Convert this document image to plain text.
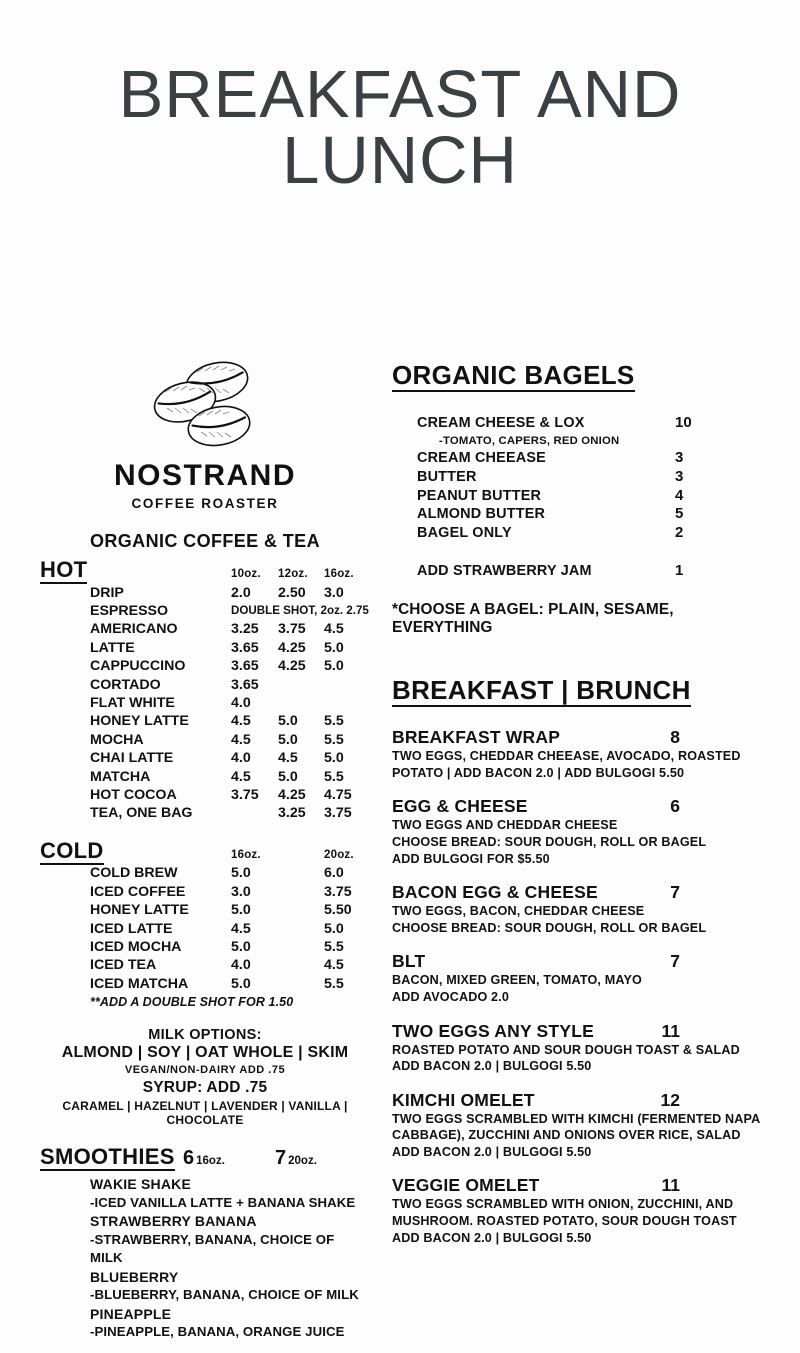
BREAKFAST AND
LUNCH
NOSTRAND
COFFEE ROASTER
ORGANIC COFFEE & TEA
HOT
		10oz.	12oz.	16oz.
DRIP	2.0	2.50	3.0
ESPRESSO	DOUBLE SHOT, 2oz. 2.75		
AMERICANO	3.25	3.75	4.5
LATTE	3.65	4.25	5.0
CAPPUCCINO	3.65	4.25	5.0
CORTADO	3.65		
FLAT WHITE	4.0		
HONEY LATTE	4.5	5.0	5.5
MOCHA	4.5	5.0	5.5
CHAI LATTE	4.0	4.5	5.0
MATCHA	4.5	5.0	5.5
HOT COCOA	3.75	4.25	4.75
TEA, ONE BAG		3.25	3.75
COLD
		16oz.	20oz.
COLD BREW	5.0	6.0
ICED COFFEE	3.0	3.75
HONEY LATTE	5.0	5.50
ICED LATTE	4.5	5.0
ICED MOCHA	5.0	5.5
ICED TEA	4.0	4.5
ICED MATCHA	5.0	5.5
**ADD A DOUBLE SHOT FOR 1.50
MILK OPTIONS:
ALMOND | SOY | OAT WHOLE | SKIM
VEGAN/NON-DAIRY ADD .75
SYRUP: ADD .75
CARAMEL | HAZELNUT | LAVENDER | VANILLA | CHOCOLATE
SMOOTHIES 6 16oz.	7 20oz.
WAKIE SHAKE
-ICED VANILLA LATTE + BANANA SHAKE
STRAWBERRY BANANA
-STRAWBERRY, BANANA, CHOICE OF MILK
BLUEBERRY
-BLUEBERRY, BANANA, CHOICE OF MILK
PINEAPPLE
-PINEAPPLE, BANANA, ORANGE JUICE
ORGANIC BAGELS
CREAM CHEESE & LOX	10
-TOMATO, CAPERS, RED ONION
CREAM CHEEASE	3
BUTTER	3
PEANUT BUTTER	4
ALMOND BUTTER	5
BAGEL ONLY	2
ADD STRAWBERRY JAM	1
*CHOOSE A BAGEL: PLAIN, SESAME, EVERYTHING
BREAKFAST | BRUNCH
BREAKFAST WRAP	8
TWO EGGS, CHEDDAR CHEEASE, AVOCADO, ROASTED
POTATO | ADD BACON 2.0 | ADD BULGOGI 5.50
EGG & CHEESE	6
TWO EGGS AND CHEDDAR CHEESE
CHOOSE BREAD: SOUR DOUGH, ROLL OR BAGEL
ADD BULGOGI FOR $5.50
BACON EGG & CHEESE	7
TWO EGGS, BACON, CHEDDAR CHEESE
CHOOSE BREAD: SOUR DOUGH, ROLL OR BAGEL
BLT	7
BACON, MIXED GREEN, TOMATO, MAYO
ADD AVOCADO 2.0
TWO EGGS ANY STYLE	11
ROASTED POTATO AND SOUR DOUGH TOAST & SALAD
ADD BACON 2.0 | BULGOGI 5.50
KIMCHI OMELET	12
TWO EGGS SCRAMBLED WITH KIMCHI (FERMENTED NAPA
CABBAGE), ZUCCHINI AND ONIONS OVER RICE, SALAD
ADD BACON 2.0 | BULGOGI 5.50
VEGGIE OMELET	11
TWO EGGS SCRAMBLED WITH ONION, ZUCCHINI, AND
MUSHROOM. ROASTED POTATO, SOUR DOUGH TOAST
ADD BACON 2.0 | BULGOGI 5.50
